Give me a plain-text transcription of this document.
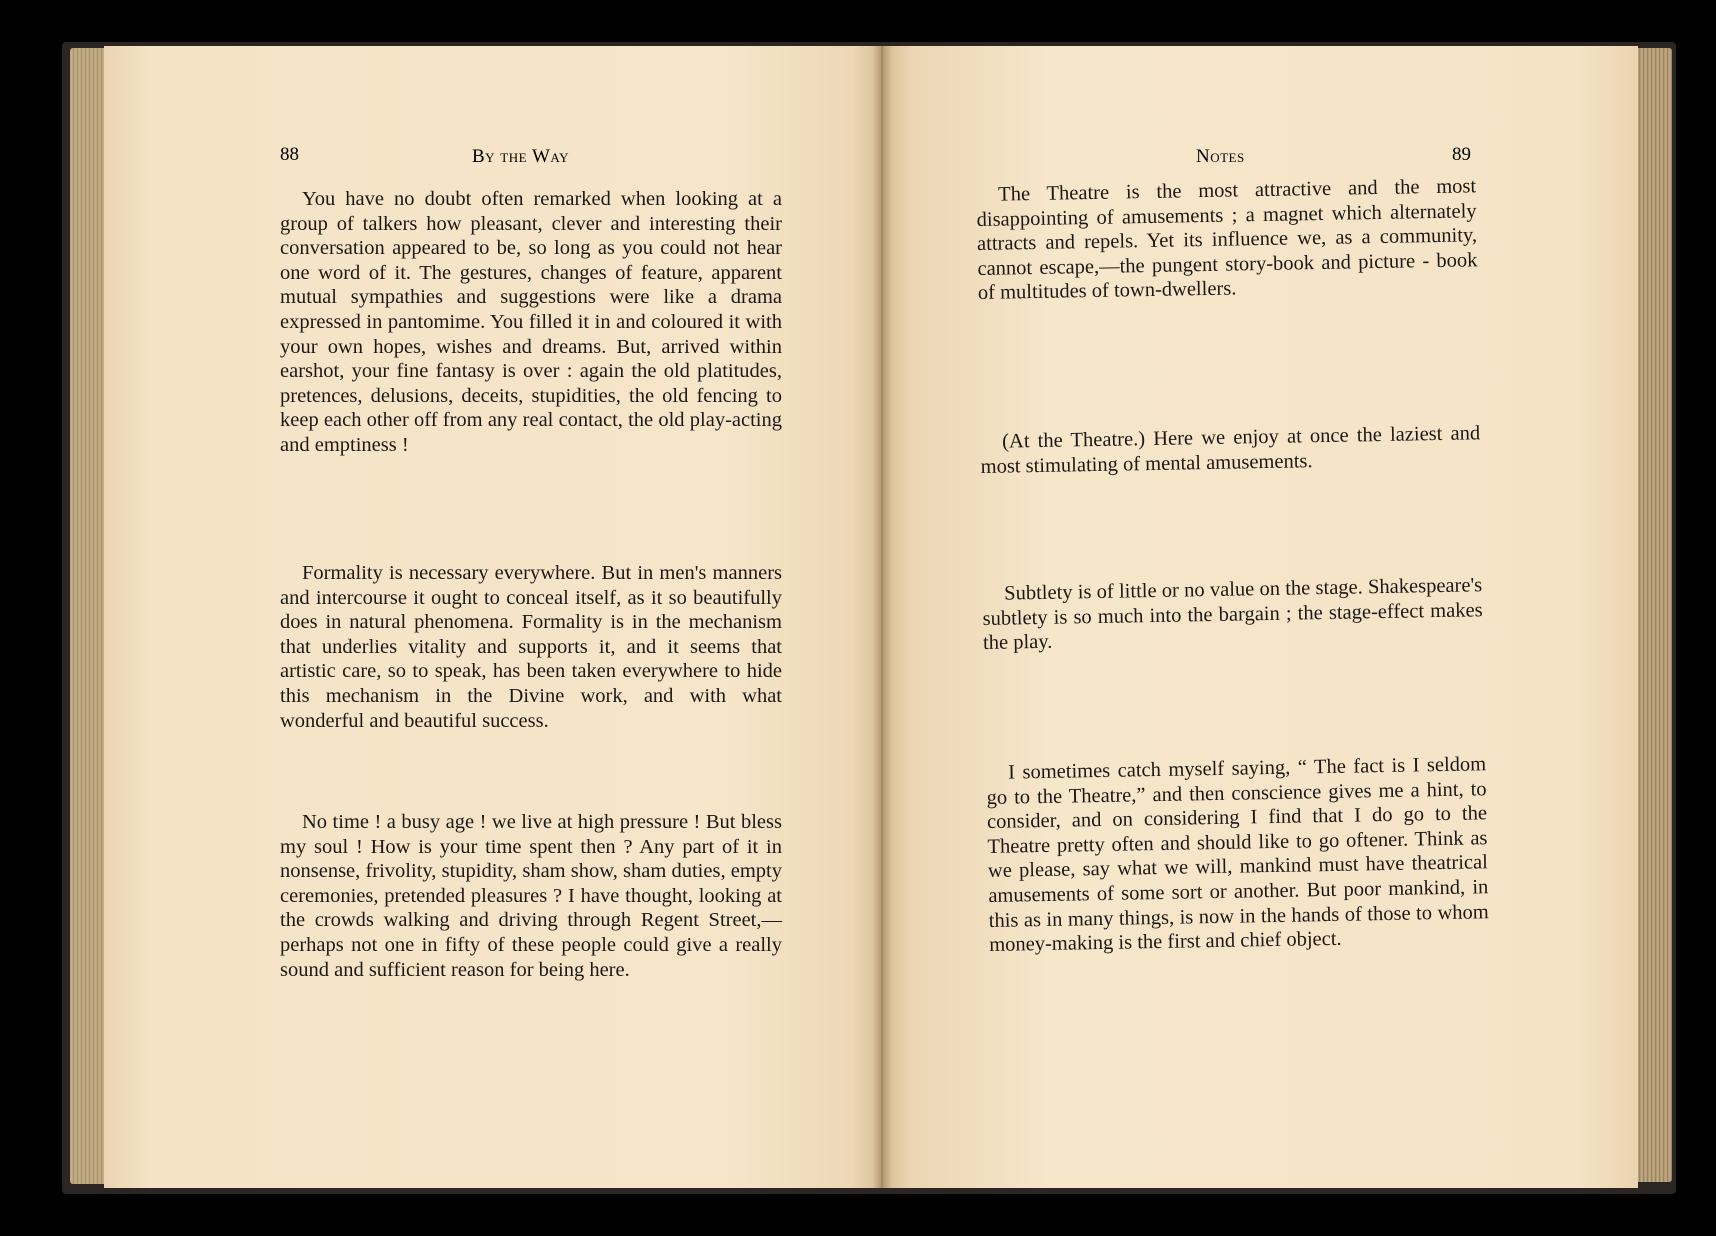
88	By the Way

You have no doubt often remarked when looking at a group of talkers how pleasant, clever and interesting their conversation appeared to be, so long as you could not hear one word of it. The gestures, changes of feature, apparent mutual sympathies and suggestions were like a drama expressed in pantomime. You filled it in and coloured it with your own hopes, wishes and dreams. But, arrived within earshot, your fine fantasy is over : again the old platitudes, pretences, delusions, deceits, stupidities, the old fencing to keep each other off from any real contact, the old play-acting and emptiness !

Formality is necessary everywhere. But in men's manners and intercourse it ought to conceal itself, as it so beautifully does in natural phenomena. Formality is in the mechanism that underlies vitality and supports it, and it seems that artistic care, so to speak, has been taken everywhere to hide this mechanism in the Divine work, and with what wonderful and beautiful success.

No time ! a busy age ! we live at high pressure ! But bless my soul ! How is your time spent then ? Any part of it in nonsense, frivolity, stupidity, sham show, sham duties, empty ceremonies, pretended pleasures ? I have thought, looking at the crowds walking and driving through Regent Street,— perhaps not one in fifty of these people could give a really sound and sufficient reason for being here.

Notes	89

The Theatre is the most attractive and the most disappointing of amusements ; a magnet which alternately attracts and repels. Yet its influence we, as a community, cannot escape,—the pungent story-book and picture - book of multitudes of town-dwellers.

(At the Theatre.) Here we enjoy at once the laziest and most stimulating of mental amusements.

Subtlety is of little or no value on the stage. Shakespeare's subtlety is so much into the bargain ; the stage-effect makes the play.

I sometimes catch myself saying, “ The fact is I seldom go to the Theatre,” and then conscience gives me a hint, to consider, and on considering I find that I do go to the Theatre pretty often and should like to go oftener. Think as we please, say what we will, mankind must have theatrical amusements of some sort or another. But poor mankind, in this as in many things, is now in the hands of those to whom money-making is the first and chief object.
